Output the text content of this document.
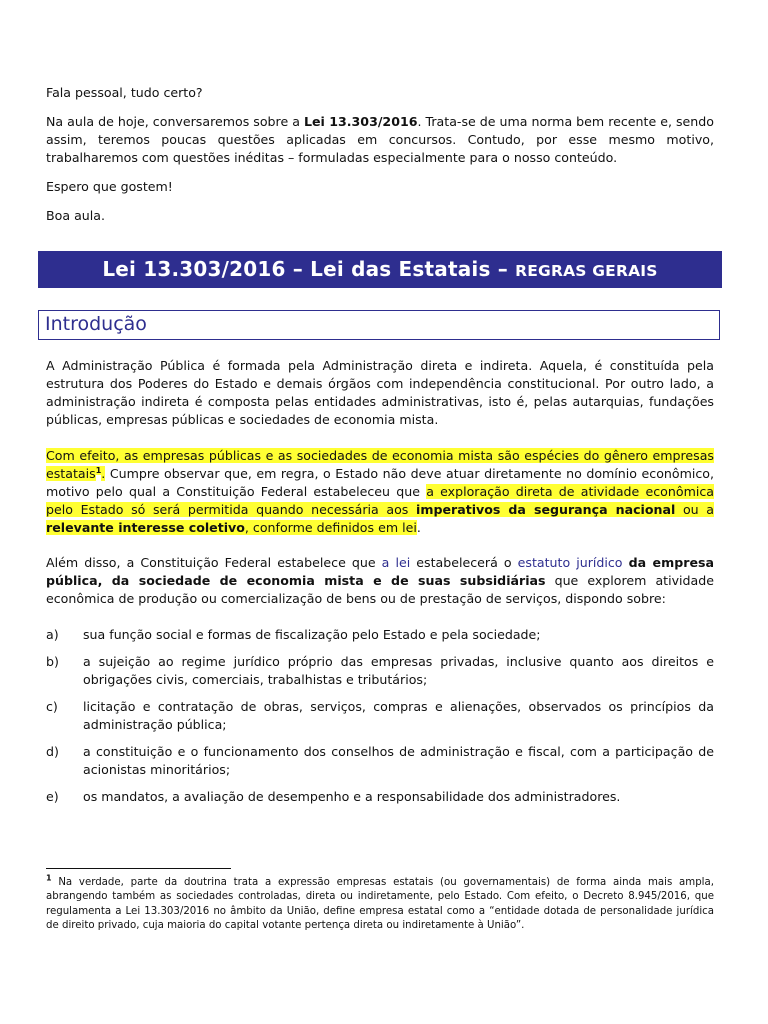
Fala pessoal, tudo certo?

Na aula de hoje, conversaremos sobre a Lei 13.303/2016. Trata-se de uma norma bem recente e, sendo assim, teremos poucas questões aplicadas em concursos. Contudo, por esse mesmo motivo, trabalharemos com questões inéditas – formuladas especialmente para o nosso conteúdo.

Espero que gostem!

Boa aula.

Lei 13.303/2016 – Lei das Estatais – REGRAS GERAIS
Introdução

A Administração Pública é formada pela Administração direta e indireta. Aquela, é constituída pela estrutura dos Poderes do Estado e demais órgãos com independência constitucional. Por outro lado, a administração indireta é composta pelas entidades administrativas, isto é, pelas autarquias, fundações públicas, empresas públicas e sociedades de economia mista.

Com efeito, as empresas públicas e as sociedades de economia mista são espécies do gênero empresas estatais$^1$. Cumpre observar que, em regra, o Estado não deve atuar diretamente no domínio econômico, motivo pelo qual a Constituição Federal estabeleceu que a exploração direta de atividade econômica pelo Estado só será permitida quando necessária aos imperativos da segurança nacional ou a relevante interesse coletivo, conforme definidos em lei.

Além disso, a Constituição Federal estabelece que a lei estabelecerá o estatuto jurídico da empresa pública, da sociedade de economia mista e de suas subsidiárias que explorem atividade econômica de produção ou comercialização de bens ou de prestação de serviços, dispondo sobre:

a)	sua função social e formas de fiscalização pelo Estado e pela sociedade;
b)	a sujeição ao regime jurídico próprio das empresas privadas, inclusive quanto aos direitos e obrigações civis, comerciais, trabalhistas e tributários;
c)	licitação e contratação de obras, serviços, compras e alienações, observados os princípios da administração pública;
d)	a constituição e o funcionamento dos conselhos de administração e fiscal, com a participação de acionistas minoritários;
e)	os mandatos, a avaliação de desempenho e a responsabilidade dos administradores.

$^1$ Na verdade, parte da doutrina trata a expressão empresas estatais (ou governamentais) de forma ainda mais ampla, abrangendo também as sociedades controladas, direta ou indiretamente, pelo Estado. Com efeito, o Decreto 8.945/2016, que regulamenta a Lei 13.303/2016 no âmbito da União, define empresa estatal como a “entidade dotada de personalidade jurídica de direito privado, cuja maioria do capital votante pertença direta ou indiretamente à União”.
